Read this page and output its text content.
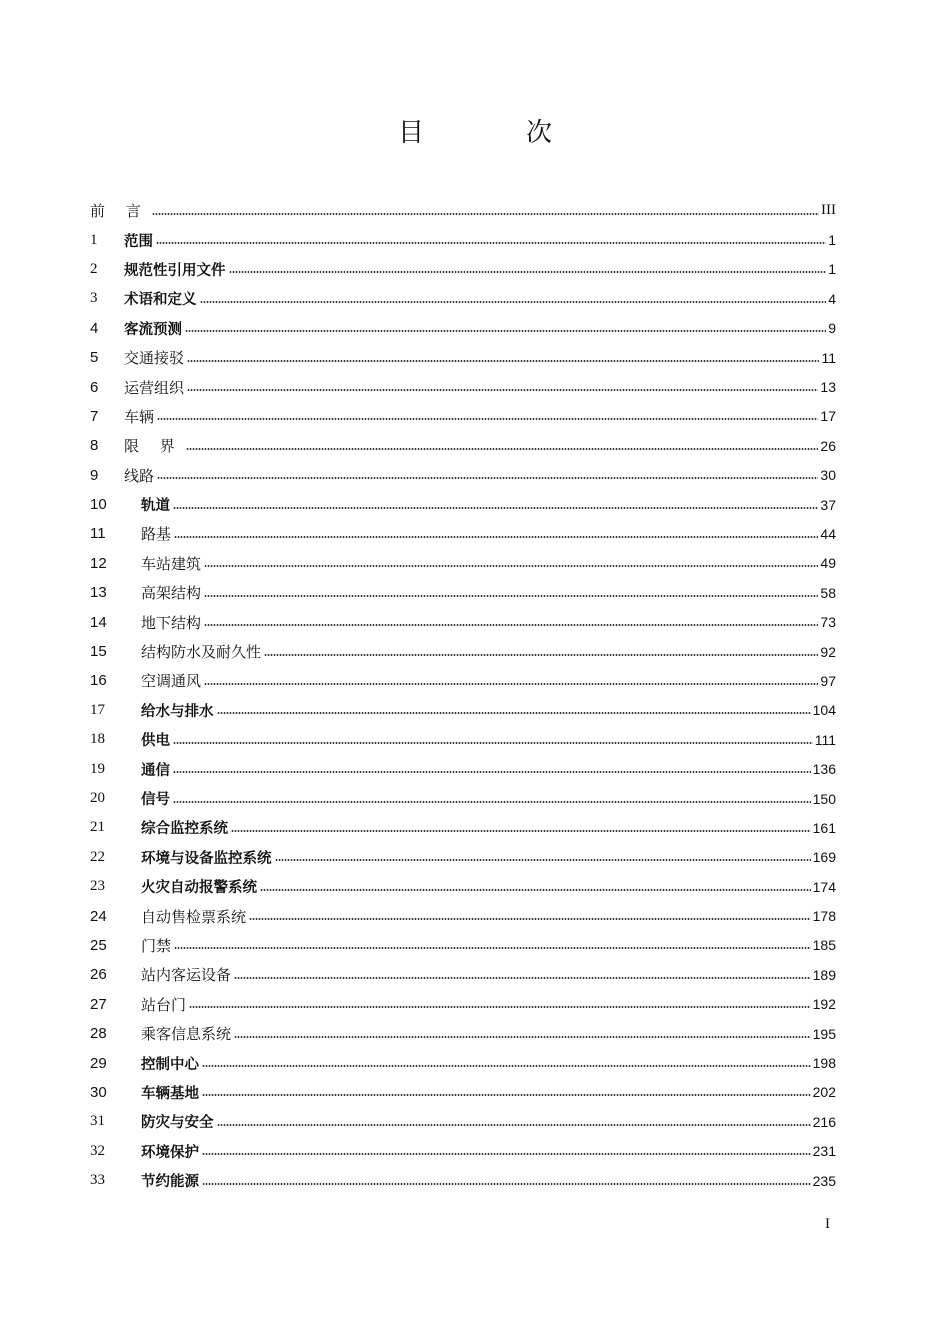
目　次
前 言	III
1	范围	1
2	规范性引用文件	1
3	术语和定义	4
4	客流预测	9
5	交通接驳	11
6	运营组织	13
7	车辆	17
8	限 界	26
9	线路	30
10	轨道	37
11	路基	44
12	车站建筑	49
13	高架结构	58
14	地下结构	73
15	结构防水及耐久性	92
16	空调通风	97
17	给水与排水	104
18	供电	111
19	通信	136
20	信号	150
21	综合监控系统	161
22	环境与设备监控系统	169
23	火灾自动报警系统	174
24	自动售检票系统	178
25	门禁	185
26	站内客运设备	189
27	站台门	192
28	乘客信息系统	195
29	控制中心	198
30	车辆基地	202
31	防灾与安全	216
32	环境保护	231
33	节约能源	235
I
